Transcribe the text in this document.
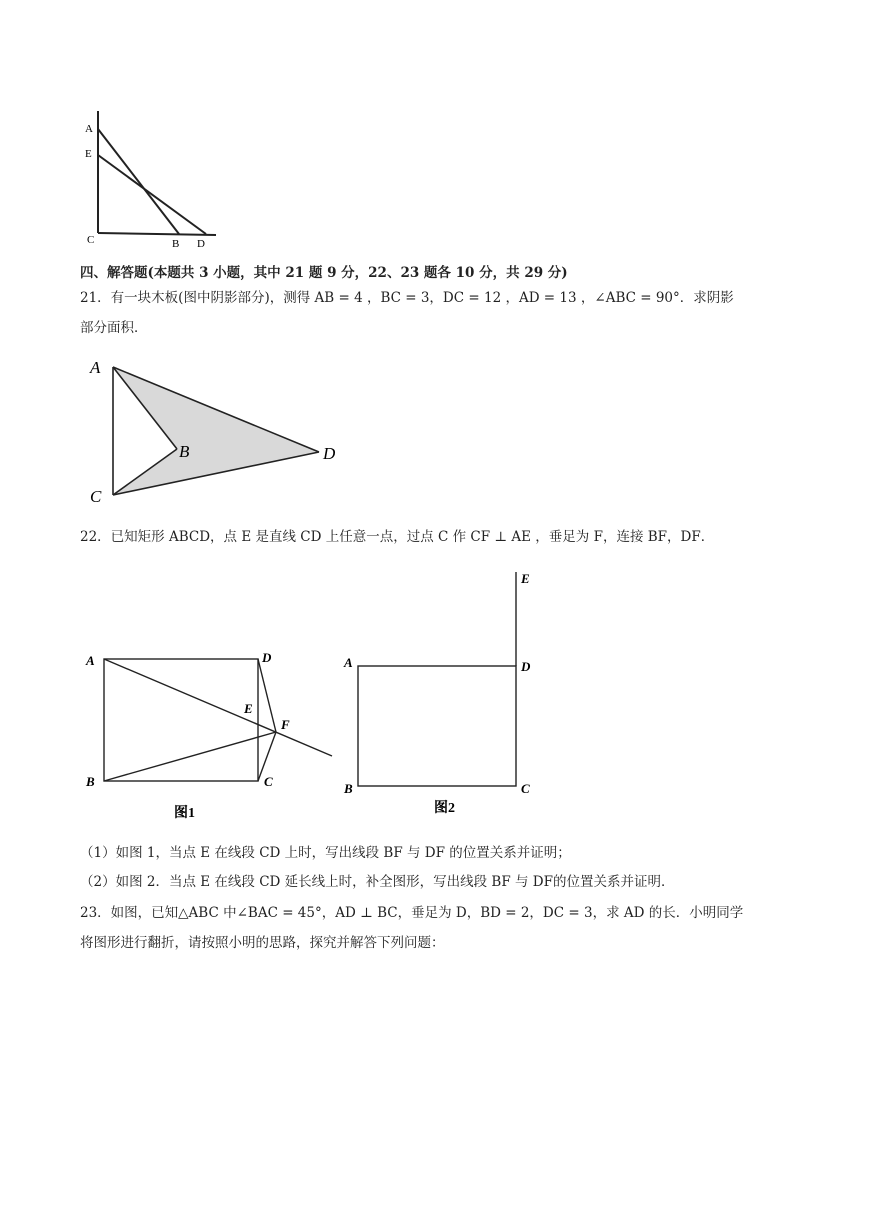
A
E
C	B D
四、解答题(本题共 3 小题，其中 21 题 9 分，22、23 题各 10 分，共 29 分)
21．有一块木板(图中阴影部分)，测得 AB = 4 ，BC = 3，DC = 12 ，AD = 13 ，∠ABC = 90°．求阴影
部分面积．
A
B
C
D
22．已知矩形 ABCD，点 E 是直线 CD 上任意一点，过点 C 作 CF ⊥ AE ，垂足为 F，连接 BF，DF．
A	D
E
F
B	C
图1
E
A	D
B	C
图2
（1）如图 1，当点 E 在线段 CD 上时，写出线段 BF 与 DF 的位置关系并证明；
（2）如图 2．当点 E 在线段 CD 延长线上时，补全图形，写出线段 BF 与 DF的位置关系并证明．
23．如图，已知△ABC 中∠BAC = 45°，AD ⊥ BC，垂足为 D，BD = 2，DC = 3，求 AD 的长．小明同学
将图形进行翻折，请按照小明的思路，探究并解答下列问题：
